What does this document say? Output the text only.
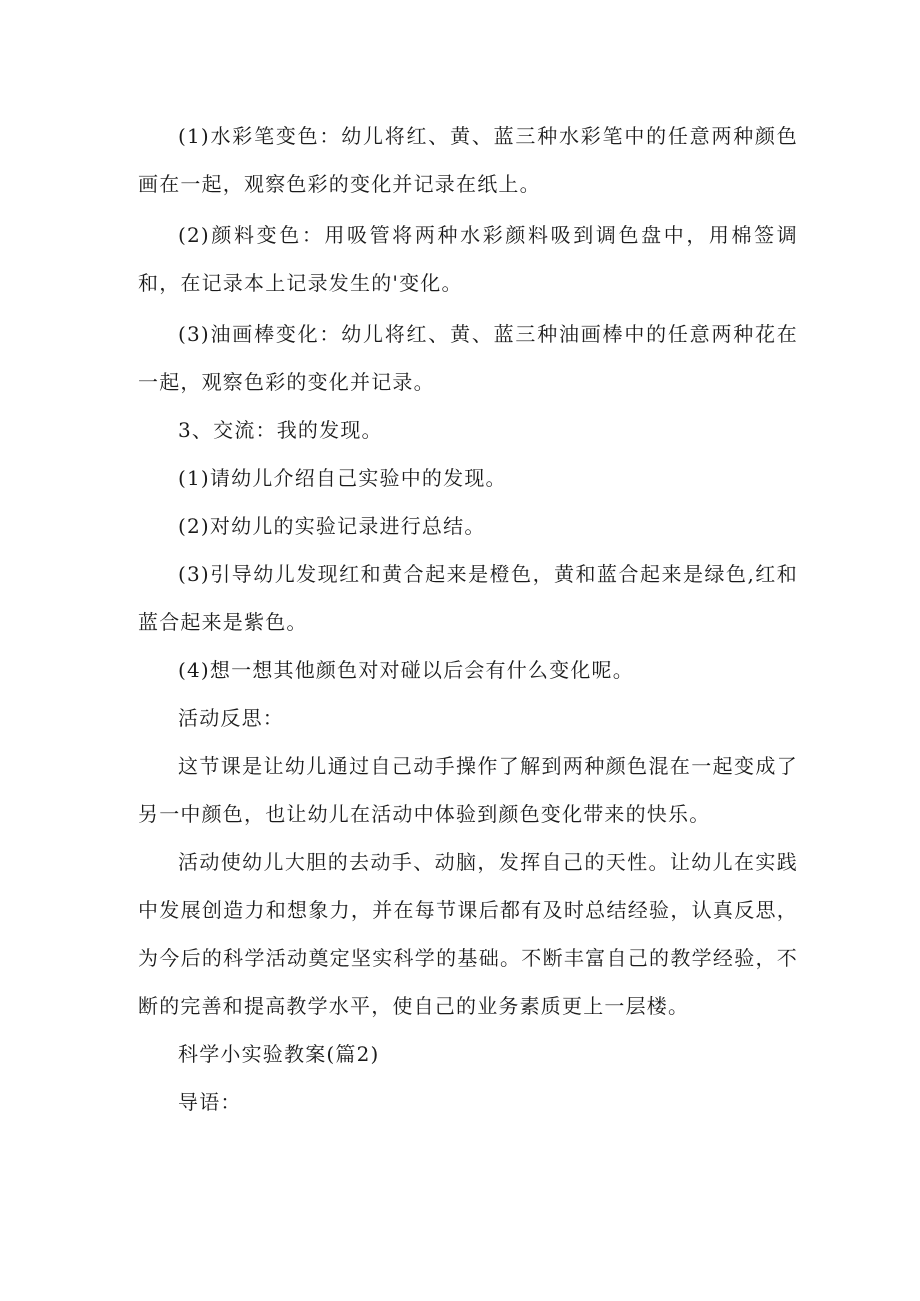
(1)水彩笔变色：幼儿将红、黄、蓝三种水彩笔中的任意两种颜色画在一起，观察色彩的变化并记录在纸上。

(2)颜料变色：用吸管将两种水彩颜料吸到调色盘中，用棉签调和，在记录本上记录发生的'变化。

(3)油画棒变化：幼儿将红、黄、蓝三种油画棒中的任意两种花在一起，观察色彩的变化并记录。

3、交流：我的发现。

(1)请幼儿介绍自己实验中的发现。

(2)对幼儿的实验记录进行总结。

(3)引导幼儿发现红和黄合起来是橙色，黄和蓝合起来是绿色,红和蓝合起来是紫色。

(4)想一想其他颜色对对碰以后会有什么变化呢。

活动反思：

这节课是让幼儿通过自己动手操作了解到两种颜色混在一起变成了另一中颜色，也让幼儿在活动中体验到颜色变化带来的快乐。

活动使幼儿大胆的去动手、动脑，发挥自己的天性。让幼儿在实践中发展创造力和想象力，并在每节课后都有及时总结经验，认真反思，为今后的科学活动奠定坚实科学的基础。不断丰富自己的教学经验，不断的完善和提高教学水平，使自己的业务素质更上一层楼。

科学小实验教案(篇2)

导语：
